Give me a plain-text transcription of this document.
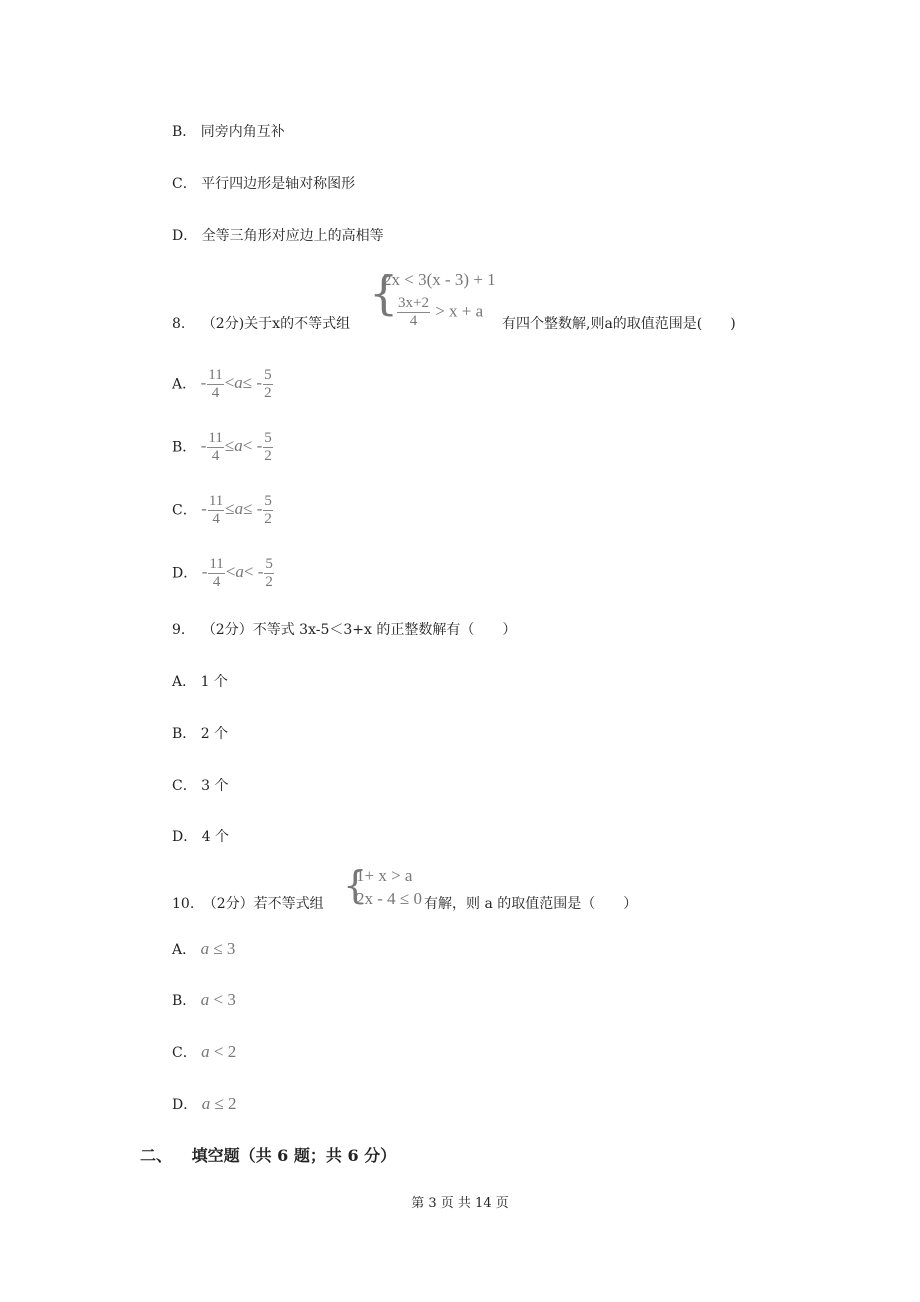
B． 同旁内角互补
C． 平行四边形是轴对称图形
D． 全等三角形对应边上的高相等
8. （2分)关于x的不等式组
{
2x < 3(x - 3) + 1
$\frac{3x+2}{4} > x + a$
有四个整数解,则a的取值范围是(　　)
A． - $\frac{11}{4} <a\le - \frac{5}{2}$
B． - $\frac{11}{4} \le a< - \frac{5}{2}$
C． - $\frac{11}{4} \le a\le - \frac{5}{2}$
D． - $\frac{11}{4} <a< - \frac{5}{2}$
9. （2分）不等式 3x-5＜3+x 的正整数解有（　　）
A． 1 个
B． 2 个
C． 3 个
D． 4 个
10. （2分）若不等式组 {
1+ x > a
2x - 4 ≤ 0 有解，则 a 的取值范围是（　　）
A． a ≤ 3
B． a < 3
C． a < 2
D． a ≤ 2
二、 填空题（共 6 题；共 6 分）
第 3 页 共 14 页
